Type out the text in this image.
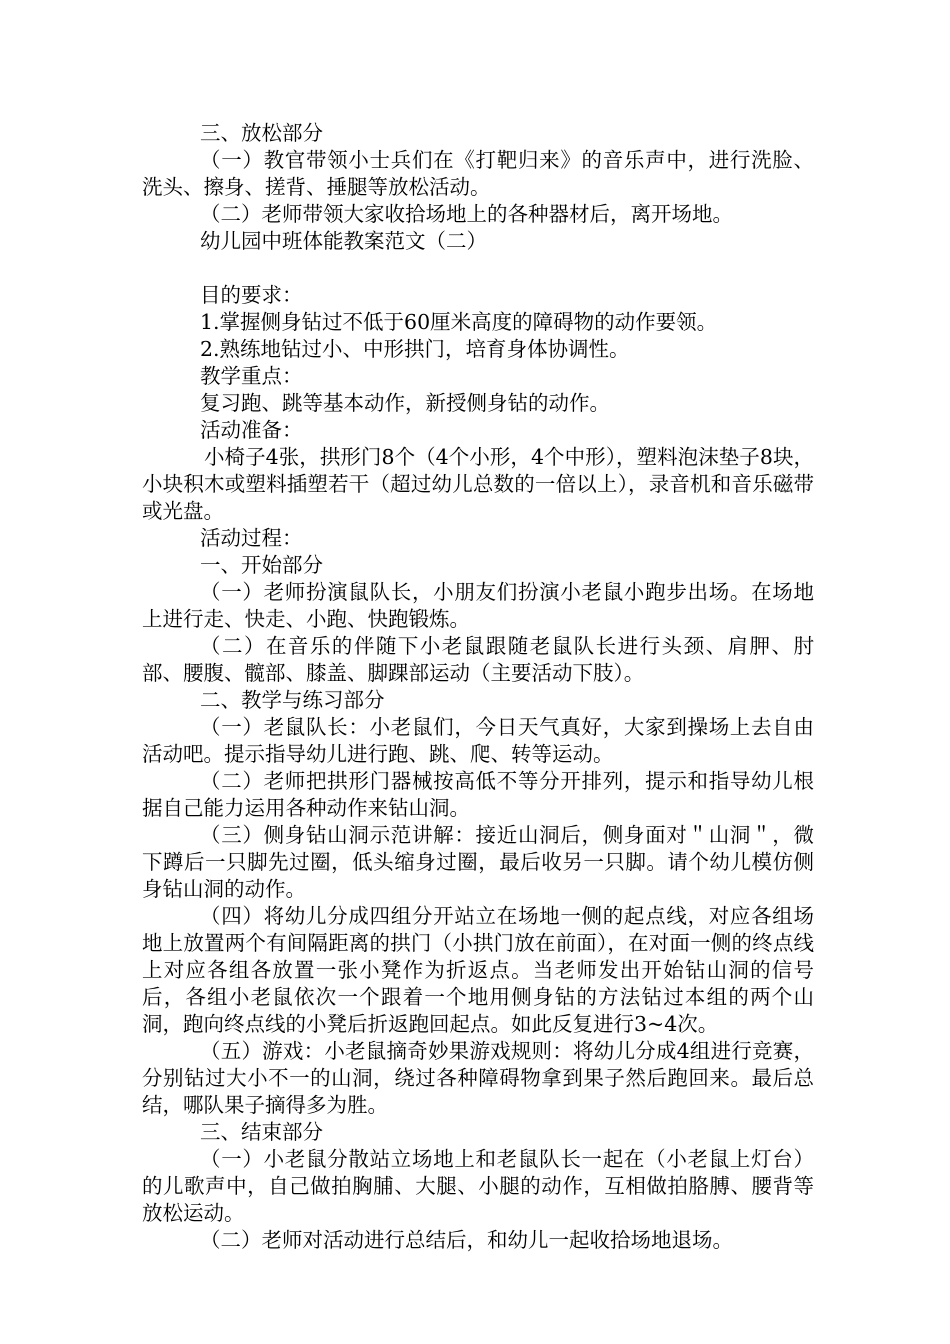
三、放松部分

（一）教官带领小士兵们在《打靶归来》的音乐声中，进行洗脸、洗头、擦身、搓背、捶腿等放松活动。

（二）老师带领大家收拾场地上的各种器材后，离开场地。

幼儿园中班体能教案范文（二）

目的要求：

1.掌握侧身钻过不低于60厘米高度的障碍物的动作要领。

2.熟练地钻过小、中形拱门，培育身体协调性。

教学重点：

复习跑、跳等基本动作，新授侧身钻的动作。

活动准备：

小椅子4张，拱形门8个（4个小形，4个中形），塑料泡沫垫子8块，小块积木或塑料插塑若干（超过幼儿总数的一倍以上），录音机和音乐磁带或光盘。

活动过程：

一、开始部分

（一）老师扮演鼠队长，小朋友们扮演小老鼠小跑步出场。在场地上进行走、快走、小跑、快跑锻炼。

（二）在音乐的伴随下小老鼠跟随老鼠队长进行头颈、肩胛、肘部、腰腹、髋部、膝盖、脚踝部运动（主要活动下肢）。

二、教学与练习部分

（一）老鼠队长：小老鼠们，今日天气真好，大家到操场上去自由活动吧。提示指导幼儿进行跑、跳、爬、转等运动。

（二）老师把拱形门器械按高低不等分开排列，提示和指导幼儿根据自己能力运用各种动作来钻山洞。

（三）侧身钻山洞示范讲解：接近山洞后，侧身面对＂山洞＂，微下蹲后一只脚先过圈，低头缩身过圈，最后收另一只脚。请个幼儿模仿侧身钻山洞的动作。

（四）将幼儿分成四组分开站立在场地一侧的起点线，对应各组场地上放置两个有间隔距离的拱门（小拱门放在前面），在对面一侧的终点线上对应各组各放置一张小凳作为折返点。当老师发出开始钻山洞的信号后，各组小老鼠依次一个跟着一个地用侧身钻的方法钻过本组的两个山洞，跑向终点线的小凳后折返跑回起点。如此反复进行3~4次。

（五）游戏：小老鼠摘奇妙果游戏规则：将幼儿分成4组进行竞赛，分别钻过大小不一的山洞，绕过各种障碍物拿到果子然后跑回来。最后总结，哪队果子摘得多为胜。

三、结束部分

（一）小老鼠分散站立场地上和老鼠队长一起在（小老鼠上灯台）的儿歌声中，自己做拍胸脯、大腿、小腿的动作，互相做拍胳膊、腰背等放松运动。

（二）老师对活动进行总结后，和幼儿一起收拾场地退场。
